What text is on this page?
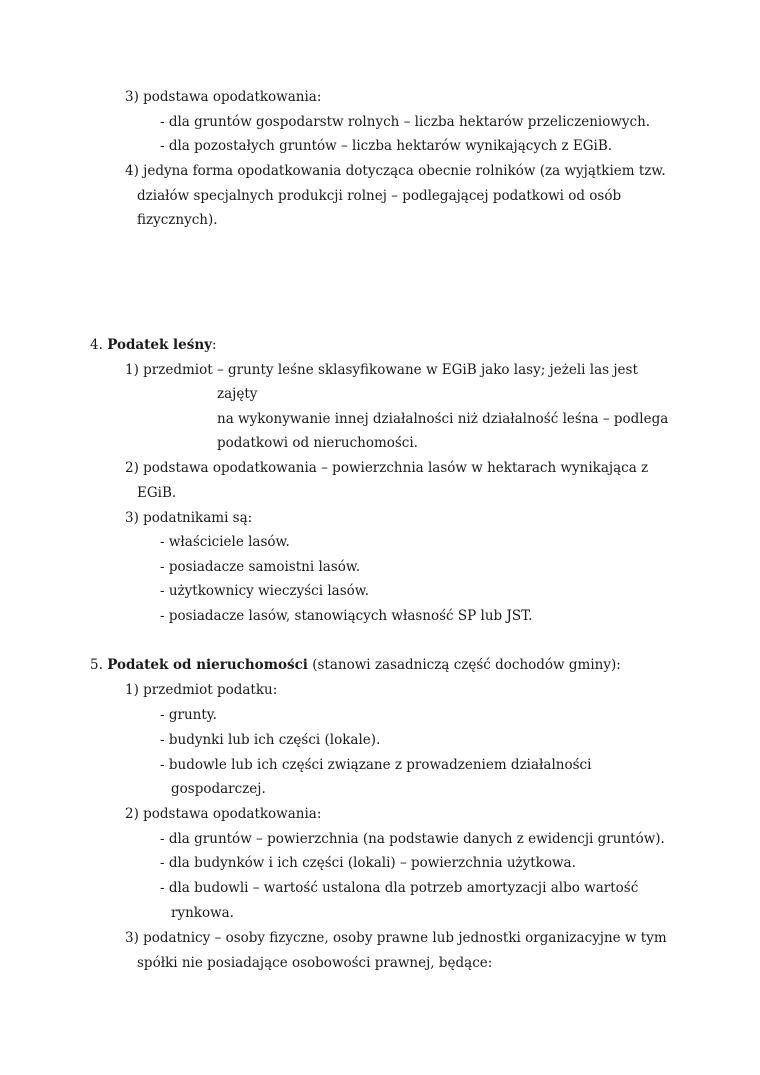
3) podstawa opodatkowania:
- dla gruntów gospodarstw rolnych – liczba hektarów przeliczeniowych.
- dla pozostałych gruntów – liczba hektarów wynikających z EGiB.
4) jedyna forma opodatkowania dotycząca obecnie rolników (za wyjątkiem tzw.
działów specjalnych produkcji rolnej – podlegającej podatkowi od osób
fizycznych).
4. Podatek leśny:
1) przedmiot – grunty leśne sklasyfikowane w EGiB jako lasy; jeżeli las jest
zajęty
na wykonywanie innej działalności niż działalność leśna – podlega
podatkowi od nieruchomości.
2) podstawa opodatkowania – powierzchnia lasów w hektarach wynikająca z
EGiB.
3) podatnikami są:
- właściciele lasów.
- posiadacze samoistni lasów.
- użytkownicy wieczyści lasów.
- posiadacze lasów, stanowiących własność SP lub JST.
5. Podatek od nieruchomości (stanowi zasadniczą część dochodów gminy):
1) przedmiot podatku:
- grunty.
- budynki lub ich części (lokale).
- budowle lub ich części związane z prowadzeniem działalności
gospodarczej.
2) podstawa opodatkowania:
- dla gruntów – powierzchnia (na podstawie danych z ewidencji gruntów).
- dla budynków i ich części (lokali) – powierzchnia użytkowa.
- dla budowli – wartość ustalona dla potrzeb amortyzacji albo wartość
rynkowa.
3) podatnicy – osoby fizyczne, osoby prawne lub jednostki organizacyjne w tym
spółki nie posiadające osobowości prawnej, będące:
